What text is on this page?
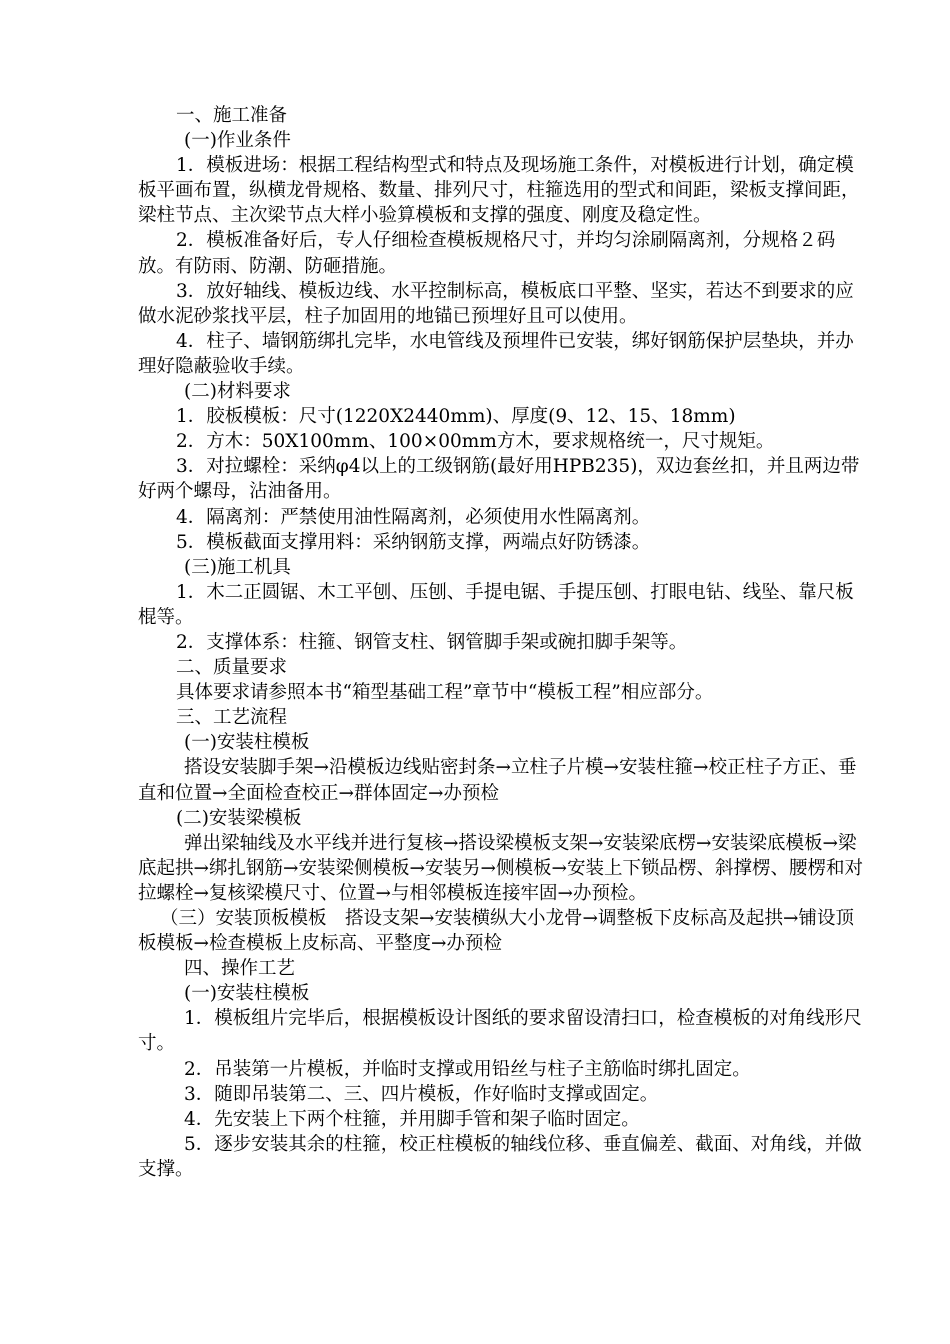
一、施工准备

(一)作业条件

1．模板进场：根据工程结构型式和特点及现场施工条件，对模板进行计划，确定模板平画布置，纵横龙骨规格、数量、排列尺寸，柱箍选用的型式和间距，梁板支撑间距，梁柱节点、主次梁节点大样小验算模板和支撑的强度、刚度及稳定性。

2．模板准备好后，专人仔细检查模板规格尺寸，并均匀涂刷隔离剂，分规格２码放。有防雨、防潮、防砸措施。

3．放好轴线、模板边线、水平控制标高，模板底口平整、坚实，若达不到要求的应做水泥砂浆找平层，柱子加固用的地锚已预埋好且可以使用。

4．柱子、墙钢筋绑扎完毕，水电管线及预埋件已安装，绑好钢筋保护层垫块，并办理好隐蔽验收手续。

(二)材料要求

1．胶板模板：尺寸(1220X2440mm)、厚度(9、12、15、18mm)

2．方木：50X100mm、100×00mm方木，要求规格统一，尺寸规矩。

3．对拉螺栓：采纳φ4以上的工级钢筋(最好用HPB235)，双边套丝扣，并且两边带好两个螺母，沾油备用。

4．隔离剂：严禁使用油性隔离剂，必须使用水性隔离剂。

5．模板截面支撑用料：采纳钢筋支撑，两端点好防锈漆。

(三)施工机具

1．木二正圆锯、木工平刨、压刨、手提电锯、手提压刨、打眼电钻、线坠、靠尺板棍等。

2．支撑体系：柱箍、钢管支柱、钢管脚手架或碗扣脚手架等。

二、质量要求

具体要求请参照本书“箱型基础工程”章节中“模板工程”相应部分。

三、工艺流程

(一)安装柱模板

搭设安装脚手架→沿模板边线贴密封条→立柱子片模→安装柱箍→校正柱子方正、垂直和位置→全面检查校正→群体固定→办预检

(二)安装梁模板

弹出梁轴线及水平线并进行复核→搭设梁模板支架→安装梁底楞→安装梁底模板→梁底起拱→绑扎钢筋→安装梁侧模板→安装另→侧模板→安装上下锁品楞、斜撑楞、腰楞和对拉螺栓→复核梁模尺寸、位置→与相邻模板连接牢固→办预检。

（三）安装顶板模板　搭设支架→安装横纵大小龙骨→调整板下皮标高及起拱→铺设顶板模板→检查模板上皮标高、平整度→办预检

四、操作工艺

(一)安装柱模板

1．模板组片完毕后，根据模板设计图纸的要求留设清扫口，检查模板的对角线形尺寸。

2．吊装第一片模板，并临时支撑或用铅丝与柱子主筋临时绑扎固定。

3．随即吊装第二、三、四片模板，作好临时支撑或固定。

4．先安装上下两个柱箍，并用脚手管和架子临时固定。

5．逐步安装其余的柱箍，校正柱模板的轴线位移、垂直偏差、截面、对角线，并做支撑。
